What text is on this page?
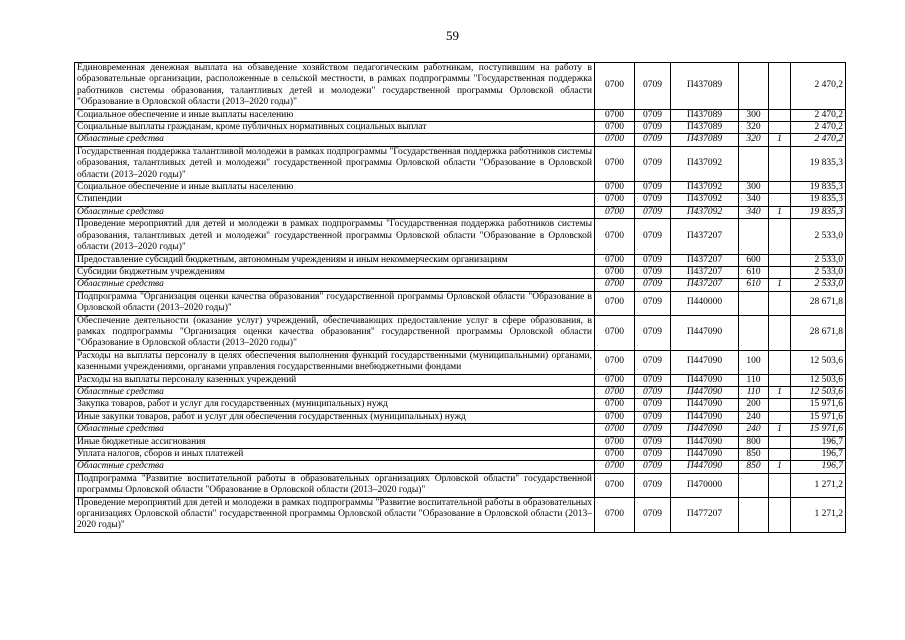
59
Единовременная денежная выплата на обзаведение хозяйством педагогическим работникам, поступившим на работу в образовательные организации, расположенные в сельской местности, в рамках подпрограммы "Государственная поддержка работников системы образования, талантливых детей и молодежи" государственной программы Орловской области "Образование в Орловской области (2013–2020 годы)"	0700	0709	П437089			2 470,2
Социальное обеспечение и иные выплаты населению	0700	0709	П437089	300		2 470,2
Социальные выплаты гражданам, кроме публичных нормативных социальных выплат	0700	0709	П437089	320		2 470,2
Областные средства	0700	0709	П437089	320	1	2 470,2
Государственная поддержка талантливой молодежи в рамках подпрограммы "Государственная поддержка работников системы образования, талантливых детей и молодежи" государственной программы Орловской области "Образование в Орловской области (2013–2020 годы)"	0700	0709	П437092			19 835,3
Социальное обеспечение и иные выплаты населению	0700	0709	П437092	300		19 835,3
Стипендии	0700	0709	П437092	340		19 835,3
Областные средства	0700	0709	П437092	340	1	19 835,3
Проведение мероприятий для детей и молодежи в рамках подпрограммы "Государственная поддержка работников системы образования, талантливых детей и молодежи" государственной программы Орловской области "Образование в Орловской области (2013–2020 годы)"	0700	0709	П437207			2 533,0
Предоставление субсидий бюджетным, автономным учреждениям и иным некоммерческим организациям	0700	0709	П437207	600		2 533,0
Субсидии бюджетным учреждениям	0700	0709	П437207	610		2 533,0
Областные средства	0700	0709	П437207	610	1	2 533,0
Подпрограмма "Организация оценки качества образования" государственной программы Орловской области "Образование в Орловской области (2013–2020 годы)"	0700	0709	П440000			28 671,8
Обеспечение деятельности (оказание услуг) учреждений, обеспечивающих предоставление услуг в сфере образования, в рамках подпрограммы "Организация оценки качества образования" государственной программы Орловской области "Образование в Орловской области (2013–2020 годы)"	0700	0709	П447090			28 671,8
Расходы на выплаты персоналу в целях обеспечения выполнения функций государственными (муниципальными) органами, казенными учреждениями, органами управления государственными внебюджетными фондами	0700	0709	П447090	100		12 503,6
Расходы на выплаты персоналу казенных учреждений	0700	0709	П447090	110		12 503,6
Областные средства	0700	0709	П447090	110	1	12 503,6
Закупка товаров, работ и услуг для государственных (муниципальных) нужд	0700	0709	П447090	200		15 971,6
Иные закупки товаров, работ и услуг для обеспечения государственных (муниципальных) нужд	0700	0709	П447090	240		15 971,6
Областные средства	0700	0709	П447090	240	1	15 971,6
Иные бюджетные ассигнования	0700	0709	П447090	800		196,7
Уплата налогов, сборов и иных платежей	0700	0709	П447090	850		196,7
Областные средства	0700	0709	П447090	850	1	196,7
Подпрограмма "Развитие воспитательной работы в образовательных организациях Орловской области" государственной программы Орловской области "Образование в Орловской области (2013–2020 годы)"	0700	0709	П470000			1 271,2
Проведение мероприятий для детей и молодежи в рамках подпрограммы "Развитие воспитательной работы в образовательных организациях Орловской области" государственной программы Орловской области "Образование в Орловской области (2013–2020 годы)"	0700	0709	П477207			1 271,2
